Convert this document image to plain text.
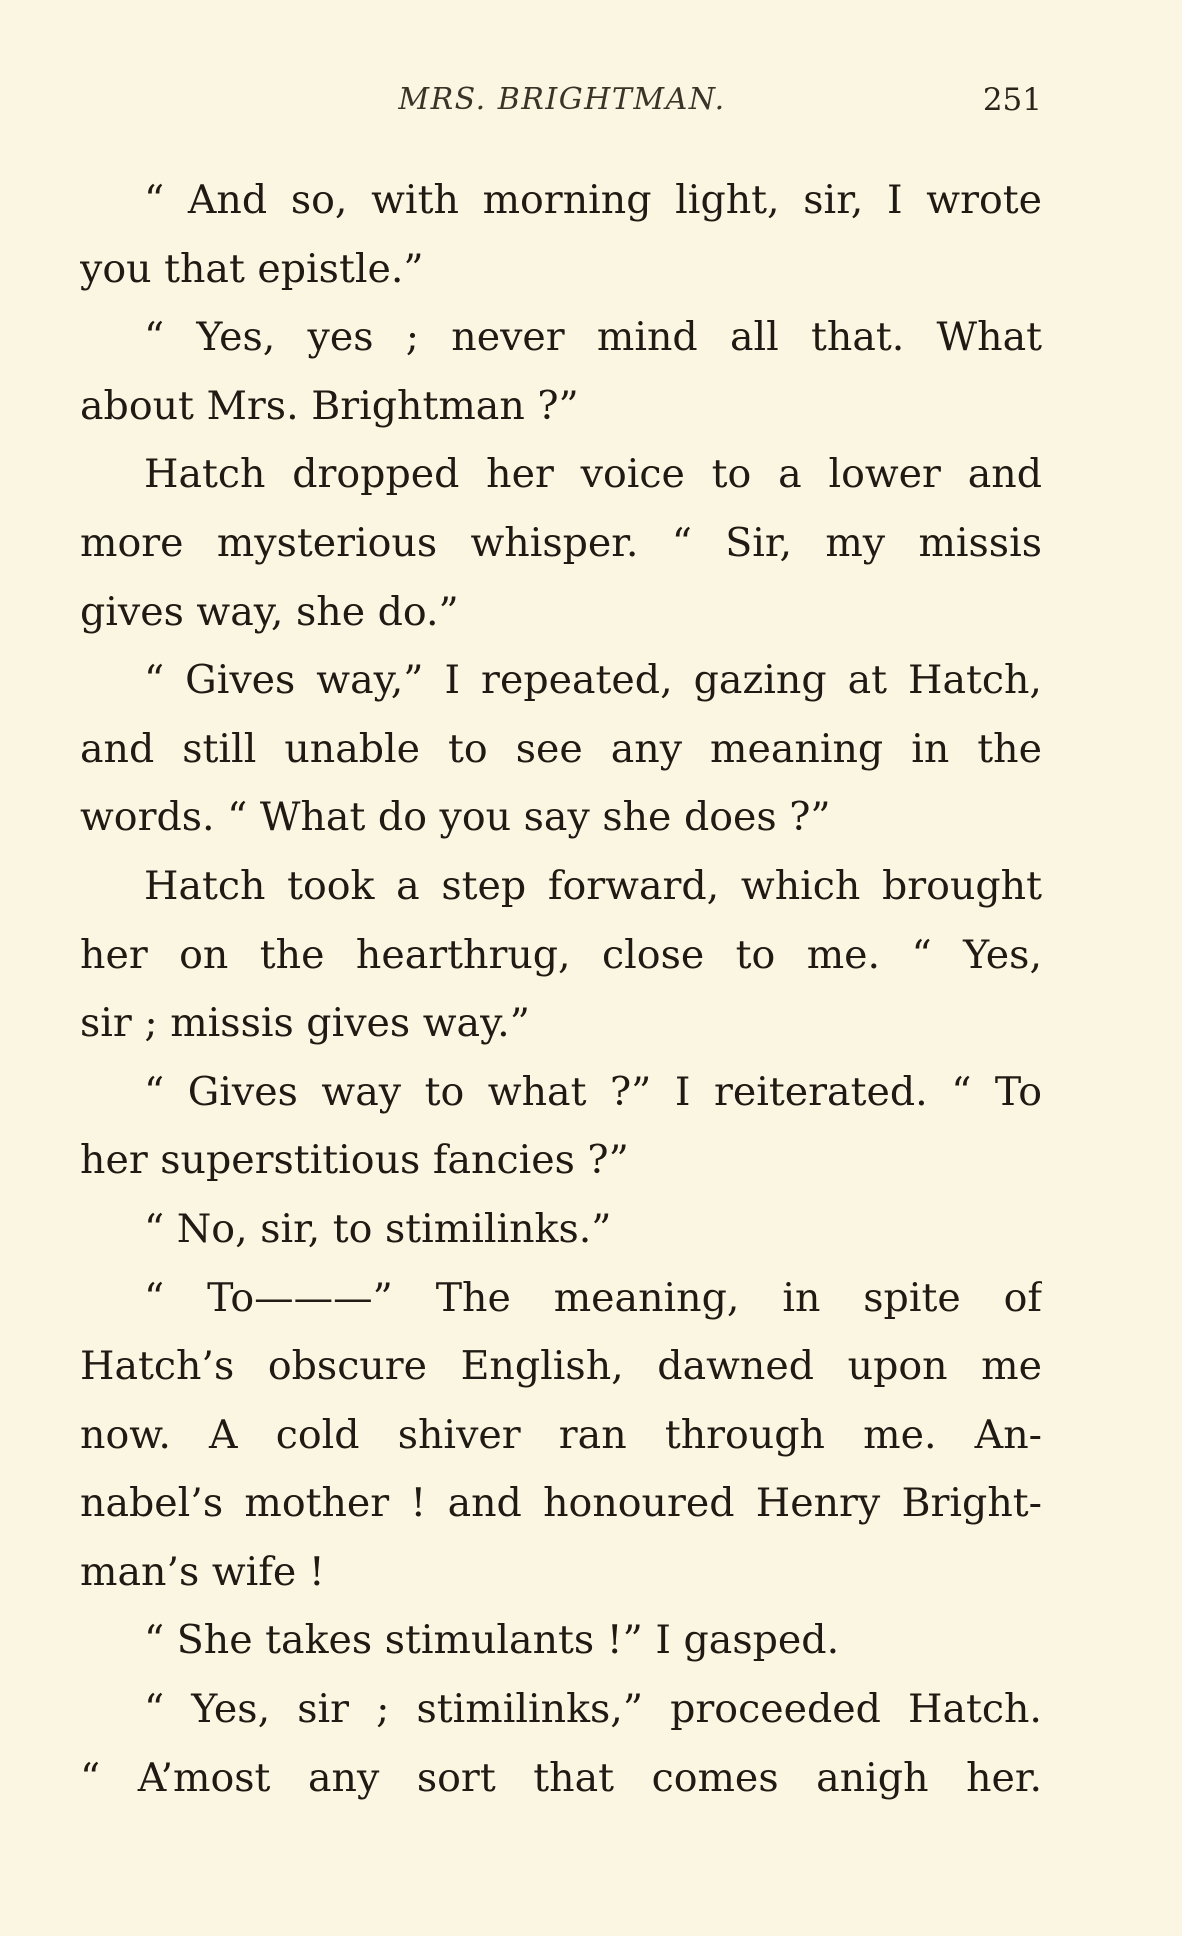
MRS. BRIGHTMAN.	251
“ And so, with morning light, sir, I wrote
you that epistle.”
“ Yes, yes ; never mind all that. What
about Mrs. Brightman ?”
Hatch dropped her voice to a lower and
more mysterious whisper. “ Sir, my missis
gives way, she do.”
“ Gives way,” I repeated, gazing at Hatch,
and still unable to see any meaning in the
words. “ What do you say she does ?”
Hatch took a step forward, which brought
her on the hearthrug, close to me. “ Yes,
sir ; missis gives way.”
“ Gives way to what ?” I reiterated. “ To
her superstitious fancies ?”
“ No, sir, to stimilinks.”
“ To———” The meaning, in spite of
Hatch’s obscure English, dawned upon me
now. A cold shiver ran through me. An-
nabel’s mother ! and honoured Henry Bright-
man’s wife !
“ She takes stimulants !” I gasped.
“ Yes, sir ; stimilinks,” proceeded Hatch.
“ A’most any sort that comes anigh her.
